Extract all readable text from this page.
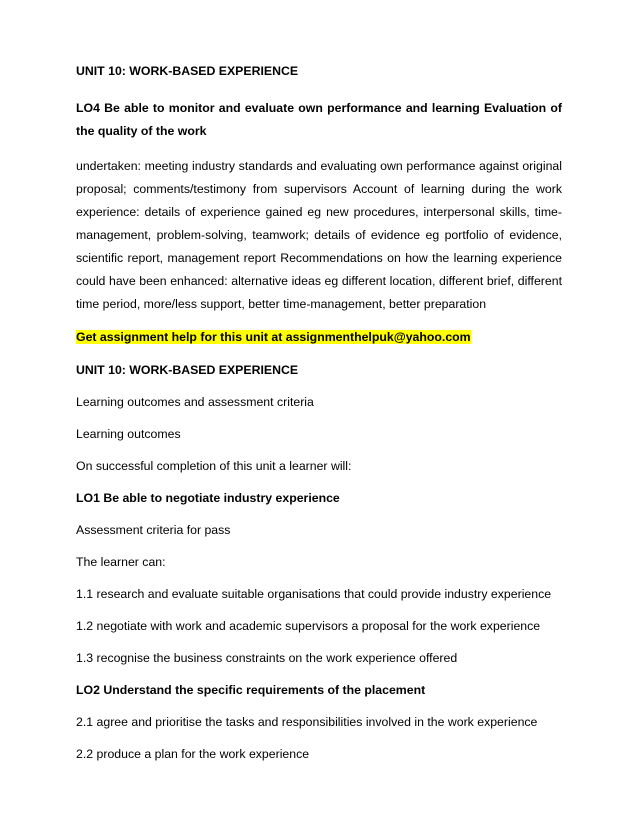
UNIT 10: WORK-BASED EXPERIENCE

LO4 Be able to monitor and evaluate own performance and learning Evaluation of the quality of the work

undertaken: meeting industry standards and evaluating own performance against original proposal; comments/testimony from supervisors Account of learning during the work experience: details of experience gained eg new procedures, interpersonal skills, time-management, problem-solving, teamwork; details of evidence eg portfolio of evidence, scientific report, management report Recommendations on how the learning experience could have been enhanced: alternative ideas eg different location, different brief, different time period, more/less support, better time-management, better preparation

Get assignment help for this unit at assignmenthelpuk@yahoo.com

UNIT 10: WORK-BASED EXPERIENCE

Learning outcomes and assessment criteria

Learning outcomes

On successful completion of this unit a learner will:

LO1 Be able to negotiate industry experience

Assessment criteria for pass

The learner can:

1.1 research and evaluate suitable organisations that could provide industry experience

1.2 negotiate with work and academic supervisors a proposal for the work experience

1.3 recognise the business constraints on the work experience offered

LO2 Understand the specific requirements of the placement

2.1 agree and prioritise the tasks and responsibilities involved in the work experience

2.2 produce a plan for the work experience
